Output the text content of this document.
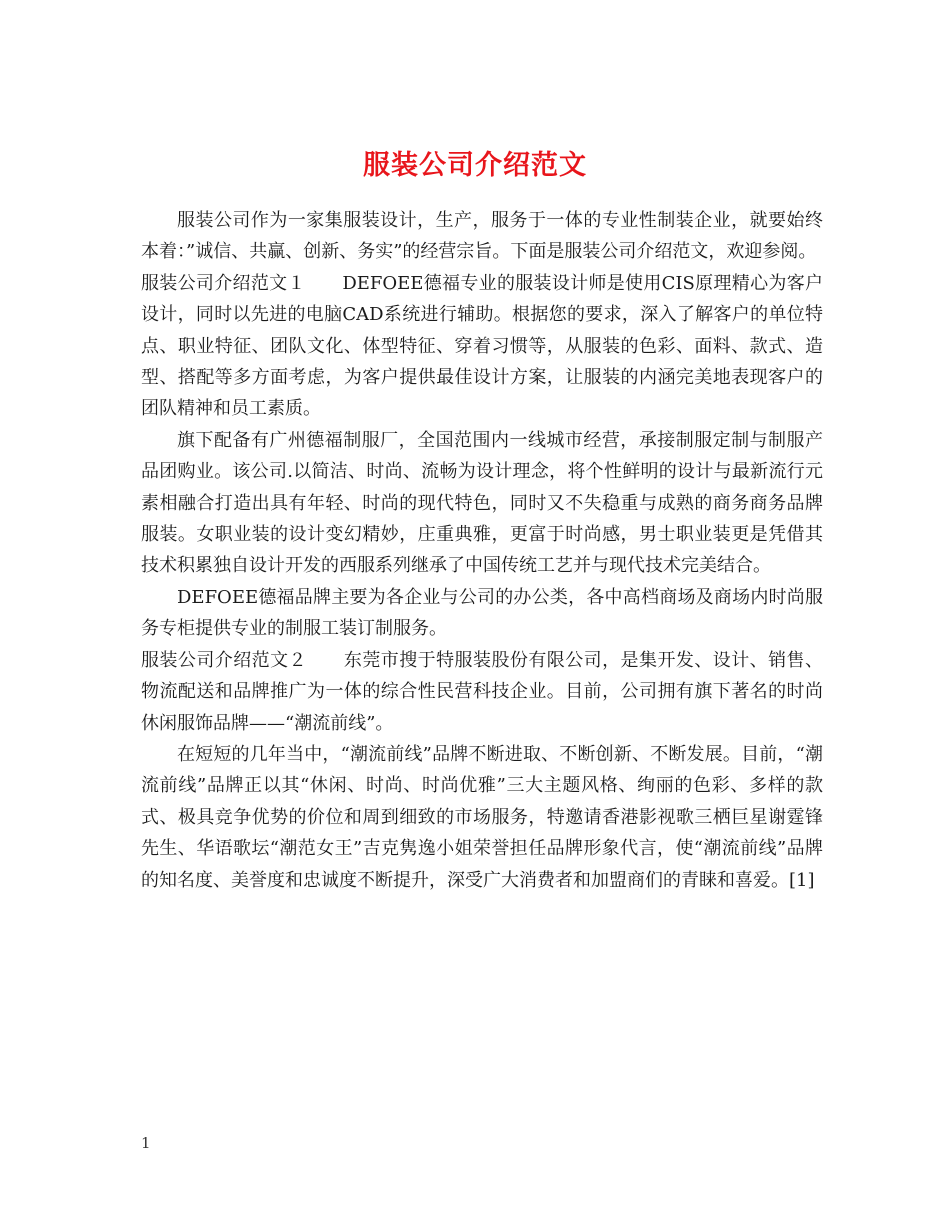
服装公司介绍范文

服装公司作为一家集服装设计，生产，服务于一体的专业性制装企业，就要始终本着：”诚信、共赢、创新、务实”的经营宗旨。下面是服装公司介绍范文，欢迎参阅。

服装公司介绍范文１　　DEFOEE德福专业的服装设计师是使用CIS原理精心为客户设计，同时以先进的电脑CAD系统进行辅助。根据您的要求，深入了解客户的单位特点、职业特征、团队文化、体型特征、穿着习惯等，从服装的色彩、面料、款式、造型、搭配等多方面考虑，为客户提供最佳设计方案，让服装的内涵完美地表现客户的团队精神和员工素质。

旗下配备有广州德福制服厂，全国范围内一线城市经营，承接制服定制与制服产品团购业。该公司.以简洁、时尚、流畅为设计理念，将个性鲜明的设计与最新流行元素相融合打造出具有年轻、时尚的现代特色，同时又不失稳重与成熟的商务商务品牌服装。女职业装的设计变幻精妙，庄重典雅，更富于时尚感，男士职业装更是凭借其技术积累独自设计开发的西服系列继承了中国传统工艺并与现代技术完美结合。

DEFOEE德福品牌主要为各企业与公司的办公类，各中高档商场及商场内时尚服 务专柜提供专业的制服工装订制服务。

服装公司介绍范文２　　东莞市搜于特服装股份有限公司，是集开发、设计、销售、物流配送和品牌推广为一体的综合性民营科技企业。目前，公司拥有旗下著名的时尚休闲服饰品牌——“潮流前线”。

在短短的几年当中，“潮流前线”品牌不断进取、不断创新、不断发展。目前，“潮流前线”品牌正以其“休闲、时尚、时尚优雅”三大主题风格、绚丽的色彩、多样的款式、极具竞争优势的价位和周到细致的市场服务，特邀请香港影视歌三栖巨星谢霆锋先生、华语歌坛“潮范女王”吉克隽逸小姐荣誉担任品牌形象代言，使“潮流前线”品牌的知名度、美誉度和忠诚度不断提升，深受广大消费者和加盟商们的青睐和喜爱。[1]

1
